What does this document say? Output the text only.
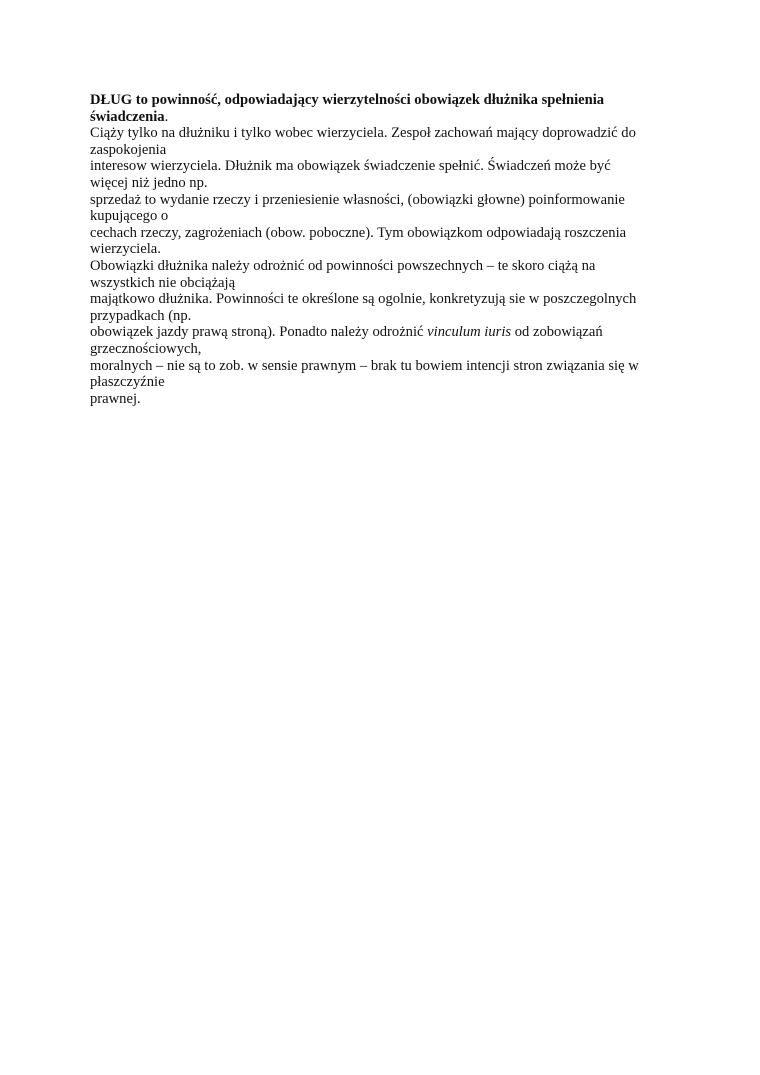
DŁUG to powinność, odpowiadający wierzytelności obowiązek dłużnika spełnienia
świadczenia.
Ciąży tylko na dłużniku i tylko wobec wierzyciela. Zespoł zachowań mający doprowadzić do
zaspokojenia
interesow wierzyciela. Dłużnik ma obowiązek świadczenie spełnić. Świadczeń może być
więcej niż jedno np.
sprzedaż to wydanie rzeczy i przeniesienie własności, (obowiązki głowne) poinformowanie
kupującego o
cechach rzeczy, zagrożeniach (obow. poboczne). Tym obowiązkom odpowiadają roszczenia
wierzyciela.
Obowiązki dłużnika należy odrożnić od powinności powszechnych – te skoro ciążą na
wszystkich nie obciążają
majątkowo dłużnika. Powinności te określone są ogolnie, konkretyzują sie w poszczegolnych
przypadkach (np.
obowiązek jazdy prawą stroną). Ponadto należy odrożnić vinculum iuris od zobowiązań
grzecznościowych,
moralnych – nie są to zob. w sensie prawnym – brak tu bowiem intencji stron związania się w
płaszczyźnie
prawnej.
